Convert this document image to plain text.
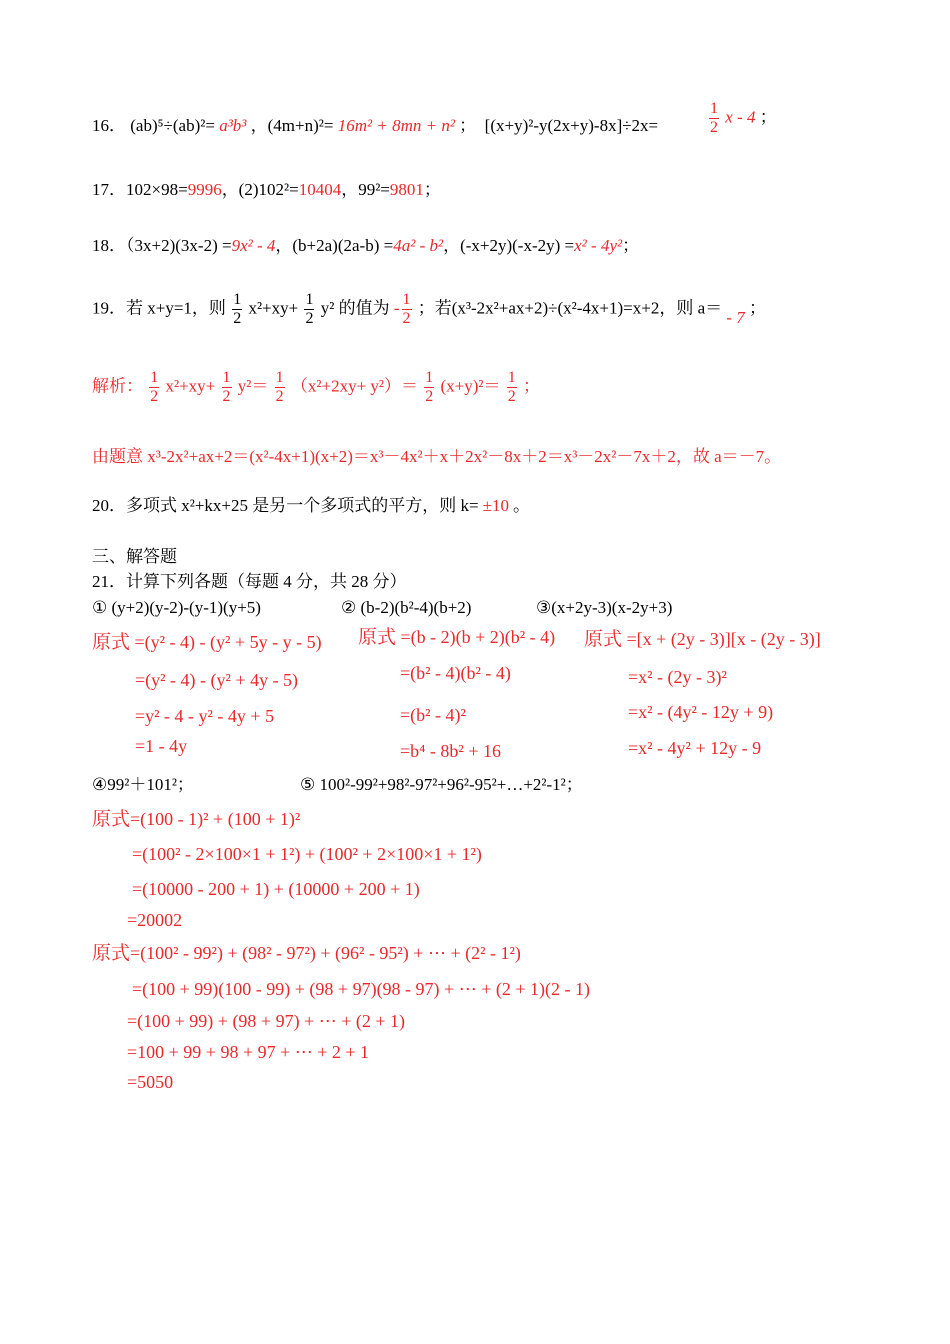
16． (ab)⁵÷(ab)²= a³b³ ，(4m+n)²= 16m² + 8mn + n² ；　[(x+y)²-y(2x+y)-8x]÷2x=	$\frac{1}{2}$ x - 4 ；
17．102×98=9996，(2)102²=10404，99²=9801；
18．（3x+2)(3x-2) =9x² - 4，(b+2a)(2a-b) =4a² - b²，(-x+2y)(-x-2y) =x² - 4y²；
19．若 x+y=1，则 $\frac{1}{2} x^2+xy+ \frac{1}{2} y^2$ 的值为 - $\frac{1}{2}$ ；若(x³-2x²+ax+2)÷(x²-4x+1)=x+2，则 a＝ - 7 ；
解析： $\frac{1}{2} x^2+xy+ \frac{1}{2} y^2= \frac{1}{2} (x^2+2xy+ y^2)= \frac{1}{2} (x+y)^2= \frac{1}{2}$ ；
由题意 x³-2x²+ax+2＝(x²-4x+1)(x+2)＝x³－4x²＋x＋2x²－8x＋2＝x³－2x²－7x＋2，故 a＝－7。
20．多项式 x²+kx+25 是另一个多项式的平方，则 k= ±10 。
三、解答题
21．计算下列各题（每题 4 分，共 28 分）
① (y+2)(y-2)-(y-1)(y+5)	② (b-2)(b²-4)(b+2)	③(x+2y-3)(x-2y+3)
原式 =(y² - 4) - (y² + 5y - y - 5)
=(y² - 4) - (y² + 4y - 5)
=y² - 4 - y² - 4y + 5
=1 - 4y
原式 =(b - 2)(b + 2)(b² - 4)
=(b² - 4)(b² - 4)
=(b² - 4)²
=b⁴ - 8b² + 16
原式 =[x + (2y - 3)][x - (2y - 3)]
=x² - (2y - 3)²
=x² - (4y² - 12y + 9)
=x² - 4y² + 12y - 9
④99²＋101²；	⑤ 100²-99²+98²-97²+96²-95²+…+2²-1²；
原式=(100 - 1)² + (100 + 1)²
=(100² - 2×100×1 + 1²) + (100² + 2×100×1 + 1²)
=(10000 - 200 + 1) + (10000 + 200 + 1)
=20002
原式=(100² - 99²) + (98² - 97²) + (96² - 95²) + ⋯ + (2² - 1²)
=(100 + 99)(100 - 99) + (98 + 97)(98 - 97) + ⋯ + (2 + 1)(2 - 1)
=(100 + 99) + (98 + 97) + ⋯ + (2 + 1)
=100 + 99 + 98 + 97 + ⋯ + 2 + 1
=5050
